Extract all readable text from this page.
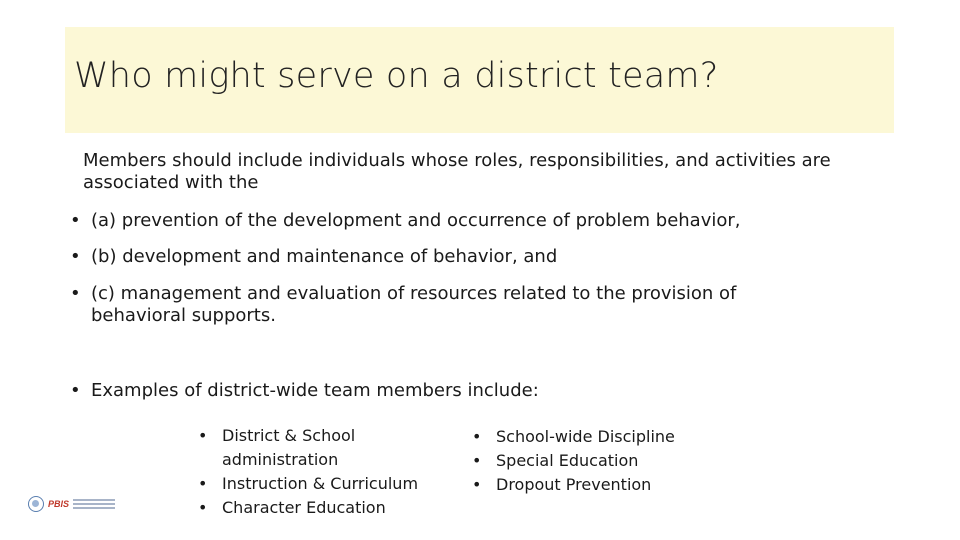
Who might serve on a district team?
Members should include individuals whose roles, responsibilities, and activities are associated with the
• (a) prevention of the development and occurrence of problem behavior,
• (b) development and maintenance of behavior, and
• (c) management and evaluation of resources related to the provision of behavioral supports.
• Examples of district-wide team members include:
• District & School administration
• Instruction & Curriculum
• Character Education
• School-wide Discipline
• Special Education
• Dropout Prevention
PBIS
